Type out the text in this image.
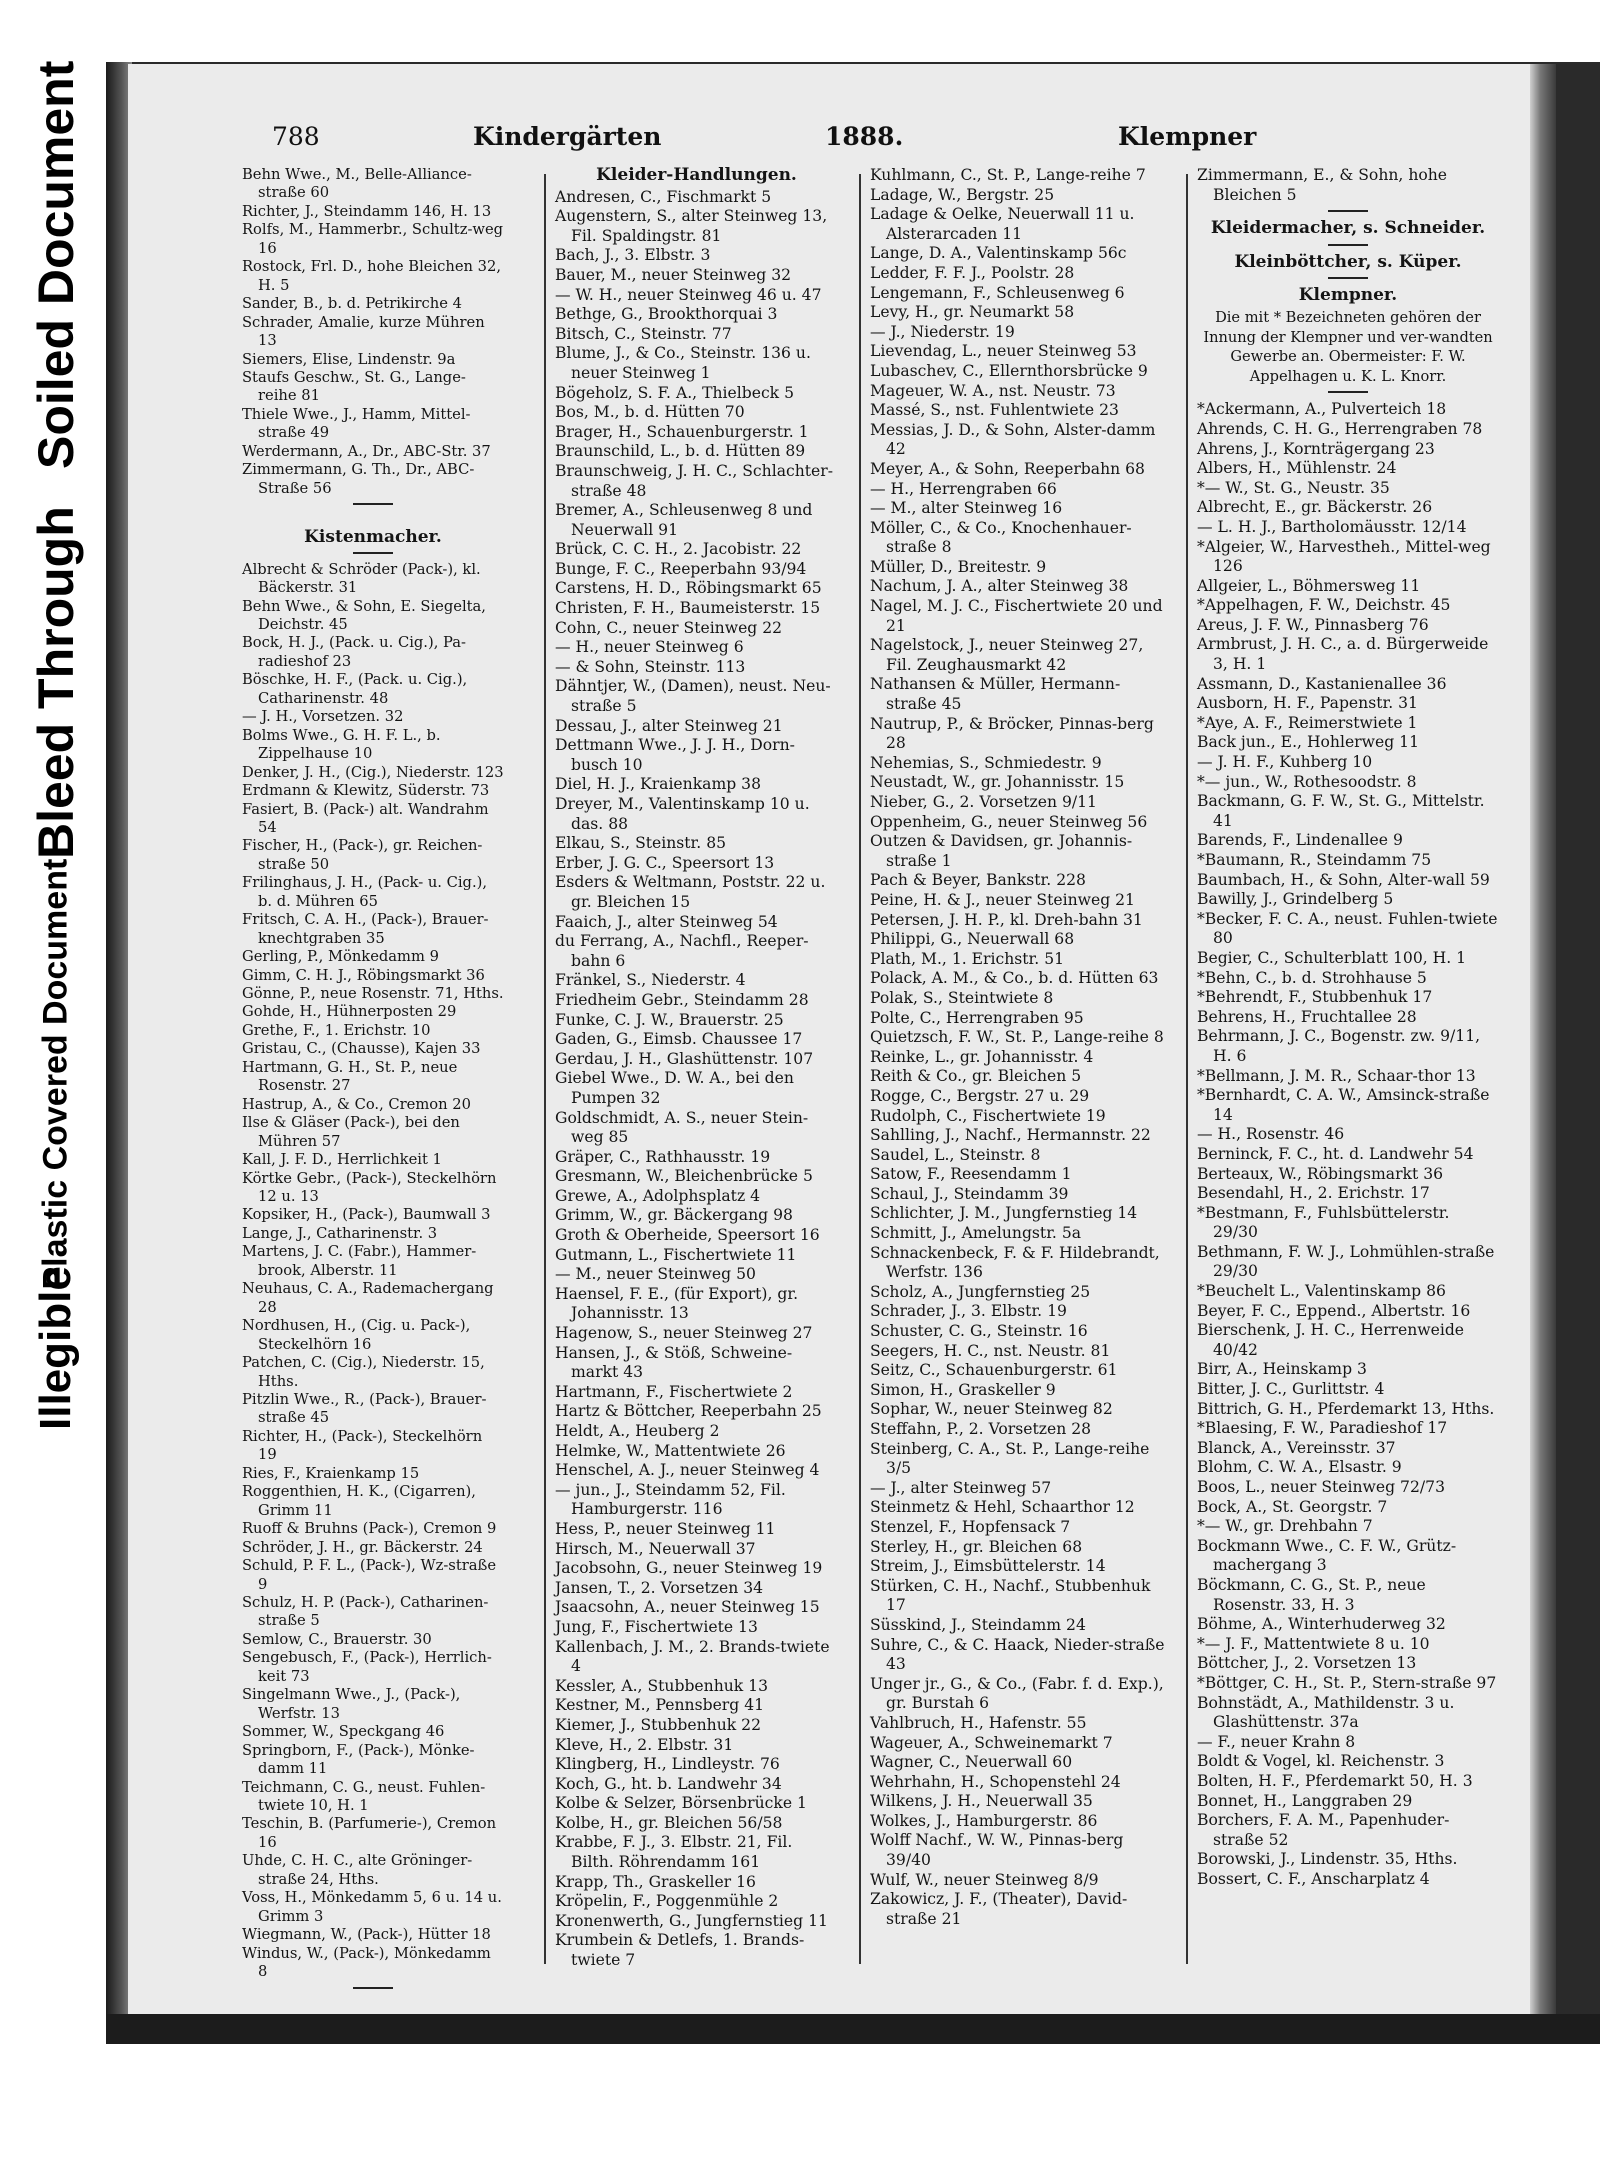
Illegible
Plastic Covered Document
Bleed Through
Soiled Document	788	Kindergärten	1888.	Klempner

Behn Wwe., M., Belle-Alliance-straße 60

Richter, J., Steindamm 146, H. 13

Rolfs, M., Hammerbr., Schultz-weg 16

Rostock, Frl. D., hohe Bleichen 32, H. 5

Sander, B., b. d. Petrikirche 4

Schrader, Amalie, kurze Mühren 13

Siemers, Elise, Lindenstr. 9a

Staufs Geschw., St. G., Lange-reihe 81

Thiele Wwe., J., Hamm, Mittel-straße 49

Werdermann, A., Dr., ABC-Str. 37

Zimmermann, G. Th., Dr., ABC-Straße 56

Kistenmacher.

Albrecht & Schröder (Pack-), kl. Bäckerstr. 31

Behn Wwe., & Sohn, E. Siegelta, Deichstr. 45

Bock, H. J., (Pack. u. Cig.), Pa-radieshof 23

Böschke, H. F., (Pack. u. Cig.), Catharinenstr. 48

— J. H., Vorsetzen. 32

Bolms Wwe., G. H. F. L., b. Zippelhause 10

Denker, J. H., (Cig.), Niederstr. 123

Erdmann & Klewitz, Süderstr. 73

Fasiert, B. (Pack-) alt. Wandrahm 54

Fischer, H., (Pack-), gr. Reichen-straße 50

Frilinghaus, J. H., (Pack- u. Cig.), b. d. Mühren 65

Fritsch, C. A. H., (Pack-), Brauer-knechtgraben 35

Gerling, P., Mönkedamm 9

Gimm, C. H. J., Röbingsmarkt 36

Gönne, P., neue Rosenstr. 71, Hths.

Gohde, H., Hühnerposten 29

Grethe, F., 1. Erichstr. 10

Gristau, C., (Chausse), Kajen 33

Hartmann, G. H., St. P., neue Rosenstr. 27

Hastrup, A., & Co., Cremon 20

Ilse & Gläser (Pack-), bei den Mühren 57

Kall, J. F. D., Herrlichkeit 1

Körtke Gebr., (Pack-), Steckelhörn 12 u. 13

Kopsiker, H., (Pack-), Baumwall 3

Lange, J., Catharinenstr. 3

Martens, J. C. (Fabr.), Hammer-brook, Alberstr. 11

Neuhaus, C. A., Rademachergang 28

Nordhusen, H., (Cig. u. Pack-), Steckelhörn 16

Patchen, C. (Cig.), Niederstr. 15, Hths.

Pitzlin Wwe., R., (Pack-), Brauer-straße 45

Richter, H., (Pack-), Steckelhörn 19

Ries, F., Kraienkamp 15

Roggenthien, H. K., (Cigarren), Grimm 11

Ruoff & Bruhns (Pack-), Cremon 9

Schröder, J. H., gr. Bäckerstr. 24

Schuld, P. F. L., (Pack-), Wz-straße 9

Schulz, H. P. (Pack-), Catharinen-straße 5

Semlow, C., Brauerstr. 30

Sengebusch, F., (Pack-), Herrlich-keit 73

Singelmann Wwe., J., (Pack-), Werfstr. 13

Sommer, W., Speckgang 46

Springborn, F., (Pack-), Mönke-damm 11

Teichmann, C. G., neust. Fuhlen-twiete 10, H. 1

Teschin, B. (Parfumerie-), Cremon 16

Uhde, C. H. C., alte Gröninger-straße 24, Hths.

Voss, H., Mönkedamm 5, 6 u. 14 u. Grimm 3

Wiegmann, W., (Pack-), Hütter 18

Windus, W., (Pack-), Mönkedamm 8

Kleider-Handlungen.

Andresen, C., Fischmarkt 5

Augenstern, S., alter Steinweg 13, Fil. Spaldingstr. 81

Bach, J., 3. Elbstr. 3

Bauer, M., neuer Steinweg 32

— W. H., neuer Steinweg 46 u. 47

Bethge, G., Brookthorquai 3

Bitsch, C., Steinstr. 77

Blume, J., & Co., Steinstr. 136 u. neuer Steinweg 1

Bögeholz, S. F. A., Thielbeck 5

Bos, M., b. d. Hütten 70

Brager, H., Schauenburgerstr. 1

Braunschild, L., b. d. Hütten 89

Braunschweig, J. H. C., Schlachter-straße 48

Bremer, A., Schleusenweg 8 und Neuerwall 91

Brück, C. C. H., 2. Jacobistr. 22

Bunge, F. C., Reeperbahn 93/94

Carstens, H. D., Röbingsmarkt 65

Christen, F. H., Baumeisterstr. 15

Cohn, C., neuer Steinweg 22

— H., neuer Steinweg 6

— & Sohn, Steinstr. 113

Dähntjer, W., (Damen), neust. Neu-straße 5

Dessau, J., alter Steinweg 21

Dettmann Wwe., J. J. H., Dorn-busch 10

Diel, H. J., Kraienkamp 38

Dreyer, M., Valentinskamp 10 u. das. 88

Elkau, S., Steinstr. 85

Erber, J. G. C., Speersort 13

Esders & Weltmann, Poststr. 22 u. gr. Bleichen 15

Faaich, J., alter Steinweg 54

du Ferrang, A., Nachfl., Reeper-bahn 6

Fränkel, S., Niederstr. 4

Friedheim Gebr., Steindamm 28

Funke, C. J. W., Brauerstr. 25

Gaden, G., Eimsb. Chaussee 17

Gerdau, J. H., Glashüttenstr. 107

Giebel Wwe., D. W. A., bei den Pumpen 32

Goldschmidt, A. S., neuer Stein-weg 85

Gräper, C., Rathhausstr. 19

Gresmann, W., Bleichenbrücke 5

Grewe, A., Adolphsplatz 4

Grimm, W., gr. Bäckergang 98

Groth & Oberheide, Speersort 16

Gutmann, L., Fischertwiete 11

— M., neuer Steinweg 50

Haensel, F. E., (für Export), gr. Johannisstr. 13

Hagenow, S., neuer Steinweg 27

Hansen, J., & Stöß, Schweine-markt 43

Hartmann, F., Fischertwiete 2

Hartz & Böttcher, Reeperbahn 25

Heldt, A., Heuberg 2

Helmke, W., Mattentwiete 26

Henschel, A. J., neuer Steinweg 4

— jun., J., Steindamm 52, Fil. Hamburgerstr. 116

Hess, P., neuer Steinweg 11

Hirsch, M., Neuerwall 37

Jacobsohn, G., neuer Steinweg 19

Jansen, T., 2. Vorsetzen 34

Jsaacsohn, A., neuer Steinweg 15

Jung, F., Fischertwiete 13

Kallenbach, J. M., 2. Brands-twiete 4

Kessler, A., Stubbenhuk 13

Kestner, M., Pennsberg 41

Kiemer, J., Stubbenhuk 22

Kleve, H., 2. Elbstr. 31

Klingberg, H., Lindleystr. 76

Koch, G., ht. b. Landwehr 34

Kolbe & Selzer, Börsenbrücke 1

Kolbe, H., gr. Bleichen 56/58

Krabbe, F. J., 3. Elbstr. 21, Fil. Bilth. Röhrendamm 161

Krapp, Th., Graskeller 16

Kröpelin, F., Poggenmühle 2

Kronenwerth, G., Jungfernstieg 11

Krumbein & Detlefs, 1. Brands-twiete 7

Kuhlmann, C., St. P., Lange-reihe 7

Ladage, W., Bergstr. 25

Ladage & Oelke, Neuerwall 11 u. Alsterarcaden 11

Lange, D. A., Valentinskamp 56c

Ledder, F. F. J., Poolstr. 28

Lengemann, F., Schleusenweg 6

Levy, H., gr. Neumarkt 58

— J., Niederstr. 19

Lievendag, L., neuer Steinweg 53

Lubaschev, C., Ellernthorsbrücke 9

Mageuer, W. A., nst. Neustr. 73

Massé, S., nst. Fuhlentwiete 23

Messias, J. D., & Sohn, Alster-damm 42

Meyer, A., & Sohn, Reeperbahn 68

— H., Herrengraben 66

— M., alter Steinweg 16

Möller, C., & Co., Knochenhauer-straße 8

Müller, D., Breitestr. 9

Nachum, J. A., alter Steinweg 38

Nagel, M. J. C., Fischertwiete 20 und 21

Nagelstock, J., neuer Steinweg 27, Fil. Zeughausmarkt 42

Nathansen & Müller, Hermann-straße 45

Nautrup, P., & Bröcker, Pinnas-berg 28

Nehemias, S., Schmiedestr. 9

Neustadt, W., gr. Johannisstr. 15

Nieber, G., 2. Vorsetzen 9/11

Oppenheim, G., neuer Steinweg 56

Outzen & Davidsen, gr. Johannis-straße 1

Pach & Beyer, Bankstr. 228

Peine, H. & J., neuer Steinweg 21

Petersen, J. H. P., kl. Dreh-bahn 31

Philippi, G., Neuerwall 68

Plath, M., 1. Erichstr. 51

Polack, A. M., & Co., b. d. Hütten 63

Polak, S., Steintwiete 8

Polte, C., Herrengraben 95

Quietzsch, F. W., St. P., Lange-reihe 8

Reinke, L., gr. Johannisstr. 4

Reith & Co., gr. Bleichen 5

Rogge, C., Bergstr. 27 u. 29

Rudolph, C., Fischertwiete 19

Sahlling, J., Nachf., Hermannstr. 22

Saudel, L., Steinstr. 8

Satow, F., Reesendamm 1

Schaul, J., Steindamm 39

Schlichter, J. M., Jungfernstieg 14

Schmitt, J., Amelungstr. 5a

Schnackenbeck, F. & F. Hildebrandt, Werfstr. 136

Scholz, A., Jungfernstieg 25

Schrader, J., 3. Elbstr. 19

Schuster, C. G., Steinstr. 16

Seegers, H. C., nst. Neustr. 81

Seitz, C., Schauenburgerstr. 61

Simon, H., Graskeller 9

Sophar, W., neuer Steinweg 82

Steffahn, P., 2. Vorsetzen 28

Steinberg, C. A., St. P., Lange-reihe 3/5

— J., alter Steinweg 57

Steinmetz & Hehl, Schaarthor 12

Stenzel, F., Hopfensack 7

Sterley, H., gr. Bleichen 68

Streim, J., Eimsbüttelerstr. 14

Stürken, C. H., Nachf., Stubbenhuk 17

Süsskind, J., Steindamm 24

Suhre, C., & C. Haack, Nieder-straße 43

Unger jr., G., & Co., (Fabr. f. d. Exp.), gr. Burstah 6

Vahlbruch, H., Hafenstr. 55

Wageuer, A., Schweinemarkt 7

Wagner, C., Neuerwall 60

Wehrhahn, H., Schopenstehl 24

Wilkens, J. H., Neuerwall 35

Wolkes, J., Hamburgerstr. 86

Wolff Nachf., W. W., Pinnas-berg 39/40

Wulf, W., neuer Steinweg 8/9

Zakowicz, J. F., (Theater), David-straße 21

Zimmermann, E., & Sohn, hohe Bleichen 5

Kleidermacher, s. Schneider.
Kleinböttcher, s. Küper.
Klempner.
Die mit * Bezeichneten gehören der Innung der Klempner und ver-wandten Gewerbe an. Obermeister: F. W. Appelhagen u. K. L. Knorr.

*Ackermann, A., Pulverteich 18

Ahrends, C. H. G., Herrengraben 78

Ahrens, J., Kornträgergang 23

Albers, H., Mühlenstr. 24

*— W., St. G., Neustr. 35

Albrecht, E., gr. Bäckerstr. 26

— L. H. J., Bartholomäusstr. 12/14

*Algeier, W., Harvestheh., Mittel-weg 126

Allgeier, L., Böhmersweg 11

*Appelhagen, F. W., Deichstr. 45

Areus, J. F. W., Pinnasberg 76

Armbrust, J. H. C., a. d. Bürgerweide 3, H. 1

Assmann, D., Kastanienallee 36

Ausborn, H. F., Papenstr. 31

*Aye, A. F., Reimerstwiete 1

Back jun., E., Hohlerweg 11

— J. H. F., Kuhberg 10

*— jun., W., Rothesoodstr. 8

Backmann, G. F. W., St. G., Mittelstr. 41

Barends, F., Lindenallee 9

*Baumann, R., Steindamm 75

Baumbach, H., & Sohn, Alter-wall 59

Bawilly, J., Grindelberg 5

*Becker, F. C. A., neust. Fuhlen-twiete 80

Begier, C., Schulterblatt 100, H. 1

*Behn, C., b. d. Strohhause 5

*Behrendt, F., Stubbenhuk 17

Behrens, H., Fruchtallee 28

Behrmann, J. C., Bogenstr. zw. 9/11, H. 6

*Bellmann, J. M. R., Schaar-thor 13

*Bernhardt, C. A. W., Amsinck-straße 14

— H., Rosenstr. 46

Berninck, F. C., ht. d. Landwehr 54

Berteaux, W., Röbingsmarkt 36

Besendahl, H., 2. Erichstr. 17

*Bestmann, F., Fuhlsbüttelerstr. 29/30

Bethmann, F. W. J., Lohmühlen-straße 29/30

*Beuchelt L., Valentinskamp 86

Beyer, F. C., Eppend., Albertstr. 16

Bierschenk, J. H. C., Herrenweide 40/42

Birr, A., Heinskamp 3

Bitter, J. C., Gurlittstr. 4

Bittrich, G. H., Pferdemarkt 13, Hths.

*Blaesing, F. W., Paradieshof 17

Blanck, A., Vereinsstr. 37

Blohm, C. W. A., Elsastr. 9

Boos, L., neuer Steinweg 72/73

Bock, A., St. Georgstr. 7

*— W., gr. Drehbahn 7

Bockmann Wwe., C. F. W., Grütz-machergang 3

Böckmann, C. G., St. P., neue Rosenstr. 33, H. 3

Böhme, A., Winterhuderweg 32

*— J. F., Mattentwiete 8 u. 10

Böttcher, J., 2. Vorsetzen 13

*Böttger, C. H., St. P., Stern-straße 97

Bohnstädt, A., Mathildenstr. 3 u. Glashüttenstr. 37a

— F., neuer Krahn 8

Boldt & Vogel, kl. Reichenstr. 3

Bolten, H. F., Pferdemarkt 50, H. 3

Bonnet, H., Langgraben 29

Borchers, F. A. M., Papenhuder-straße 52

Borowski, J., Lindenstr. 35, Hths.

Bossert, C. F., Anscharplatz 4
